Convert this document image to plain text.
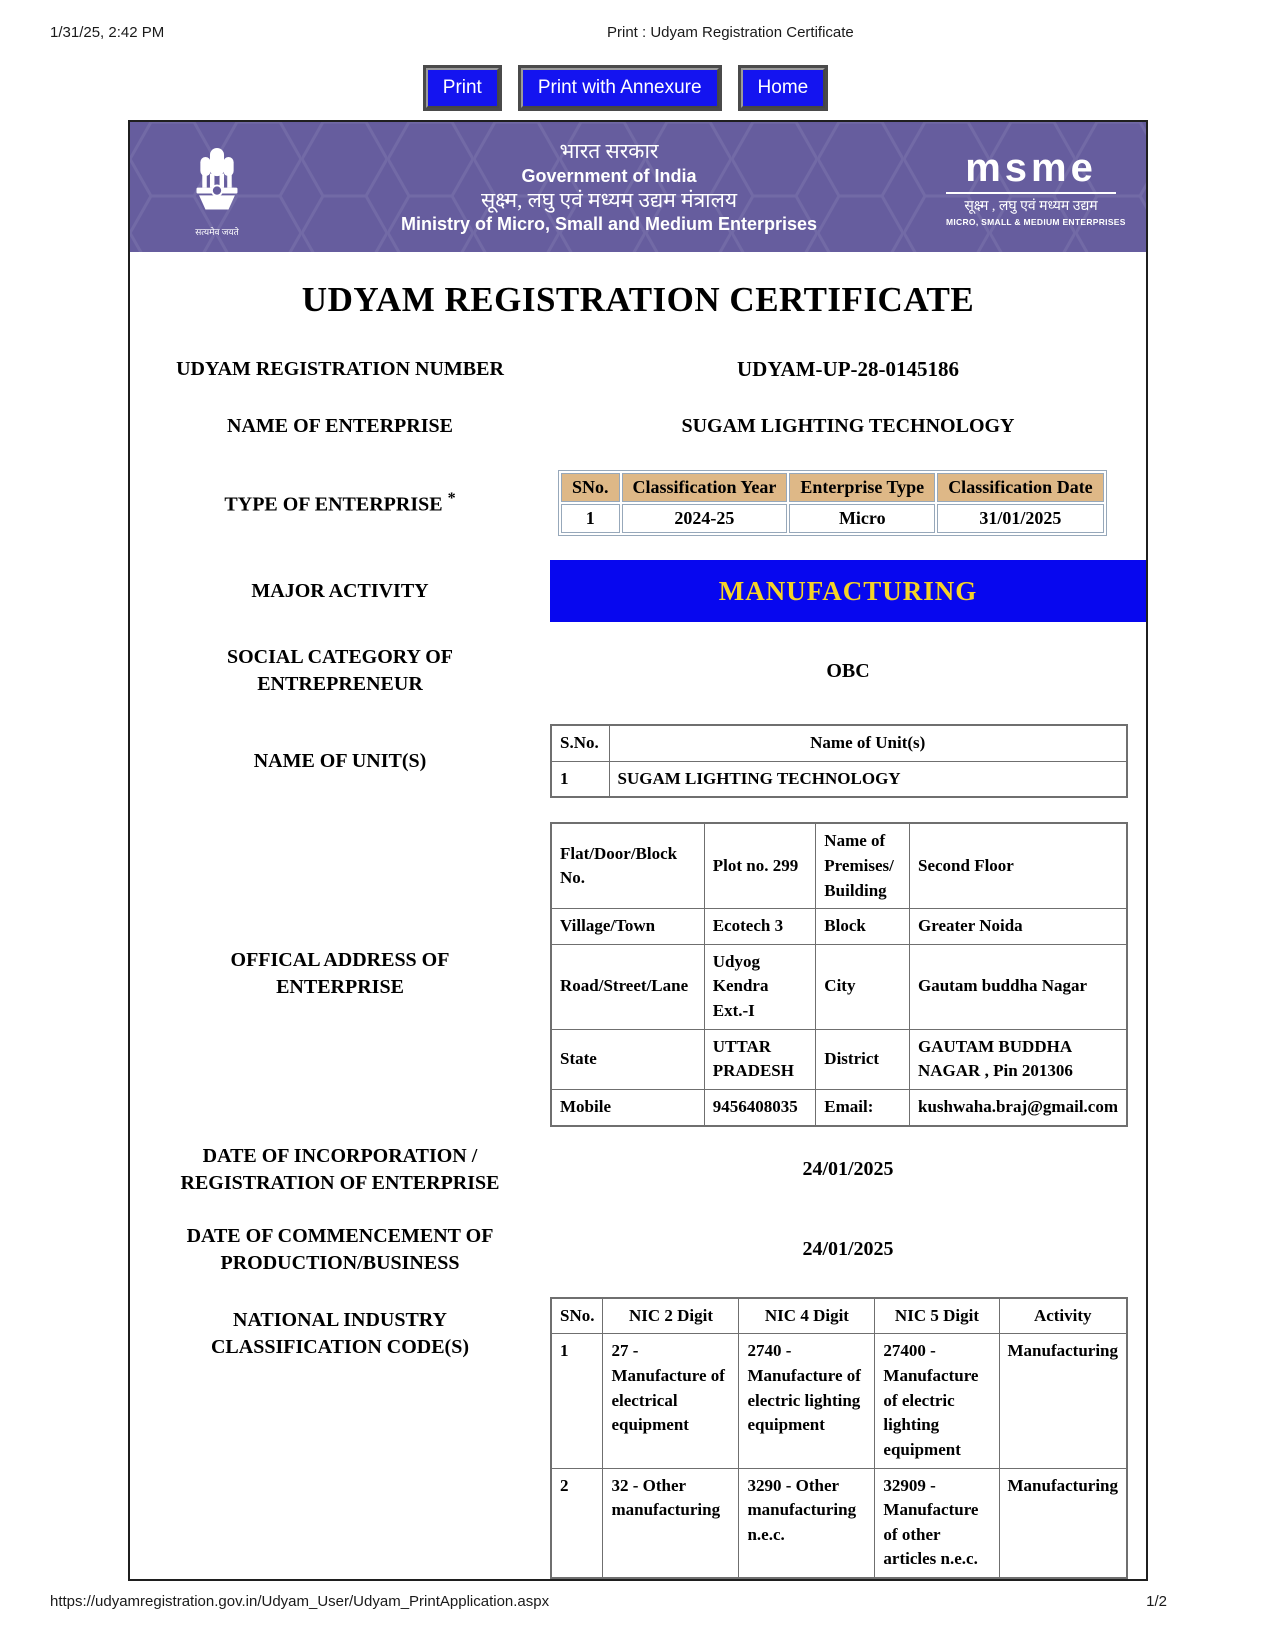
1/31/25, 2:42 PM	Print : Udyam Registration Certificate
Print	Print with Annexure	Home
सत्यमेव जयते
भारत सरकार
Government of India
सूक्ष्म, लघु एवं मध्यम उद्यम मंत्रालय
Ministry of Micro, Small and Medium Enterprises
msme
सूक्ष्म , लघु एवं मध्यम उद्यम
MICRO, SMALL & MEDIUM ENTERPRISES
UDYAM REGISTRATION CERTIFICATE
UDYAM REGISTRATION NUMBER	UDYAM-UP-28-0145186
NAME OF ENTERPRISE	SUGAM LIGHTING TECHNOLOGY
TYPE OF ENTERPRISE *
SNo.	Classification Year	Enterprise Type	Classification Date
1	2024-25	Micro	31/01/2025
MAJOR ACTIVITY	MANUFACTURING
SOCIAL CATEGORY OF ENTREPRENEUR
OBC
NAME OF UNIT(S)
S.No.	Name of Unit(s)
1	SUGAM LIGHTING TECHNOLOGY
OFFICAL ADDRESS OF ENTERPRISE
Flat/Door/Block No.	Plot no. 299	Name of Premises/ Building	Second Floor
Village/Town	Ecotech 3	Block	Greater Noida
Road/Street/Lane	Udyog Kendra Ext.-I	City	Gautam buddha Nagar
State	UTTAR PRADESH	District	GAUTAM BUDDHA NAGAR , Pin 201306
Mobile	9456408035	Email:	kushwaha.braj@gmail.com
DATE OF INCORPORATION / REGISTRATION OF ENTERPRISE
24/01/2025
DATE OF COMMENCEMENT OF PRODUCTION/BUSINESS
24/01/2025
NATIONAL INDUSTRY CLASSIFICATION CODE(S)
SNo.	NIC 2 Digit	NIC 4 Digit	NIC 5 Digit	Activity
1	27 - Manufacture of electrical equipment	2740 - Manufacture of electric lighting equipment	27400 - Manufacture of electric lighting equipment	Manufacturing
2	32 - Other manufacturing	3290 - Other manufacturing n.e.c.	32909 - Manufacture of other articles n.e.c.	Manufacturing
https://udyamregistration.gov.in/Udyam_User/Udyam_PrintApplication.aspx	1/2
